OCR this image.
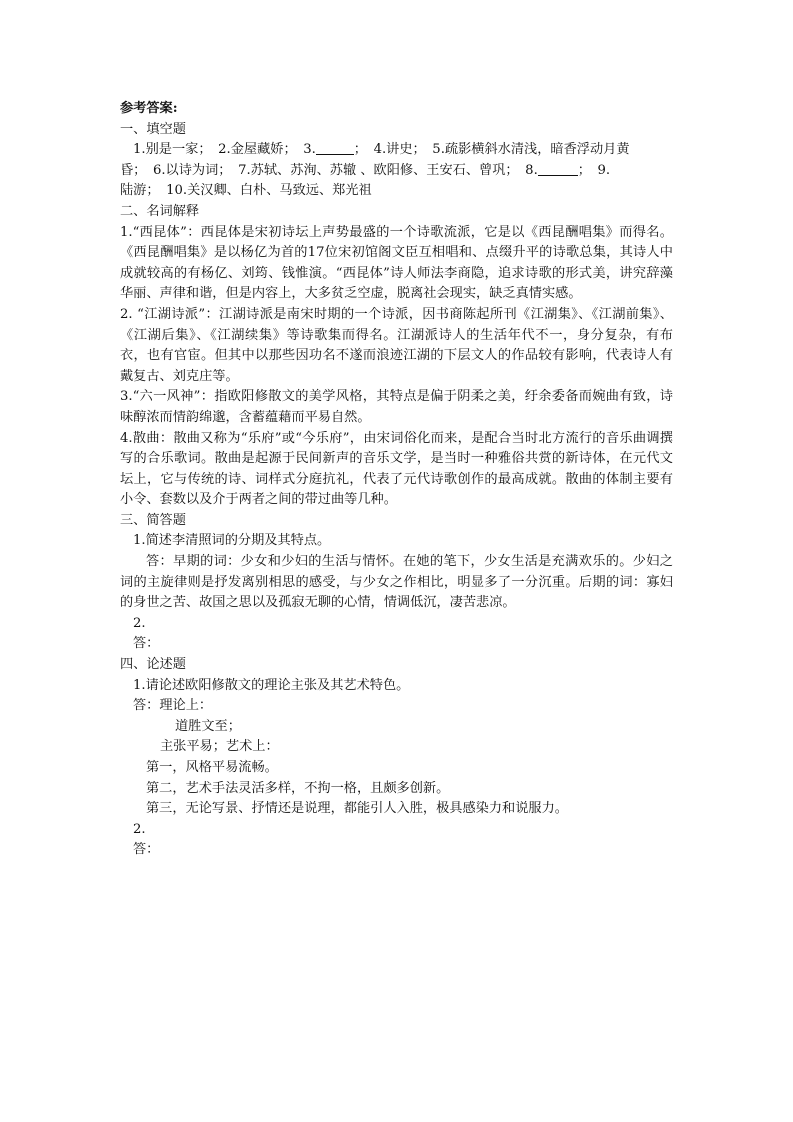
参考答案:
一、填空题
1.别是一家；　2.金屋藏娇；　3.	；　4.讲史；　5.疏影横斜水清浅，暗香浮动月黄
昏；　6.以诗为词；　7.苏轼、苏洵、苏辙 、欧阳修、王安石、曾巩；　8.	；　9.
陆游；　10.关汉卿、白朴、马致远、郑光祖
二、名词解释
1.“西昆体”：西昆体是宋初诗坛上声势最盛的一个诗歌流派，它是以《西昆酬唱集》而得名。《西昆酬唱集》是以杨亿为首的17位宋初馆阁文臣互相唱和、点缀升平的诗歌总集，其诗人中成就较高的有杨亿、刘筠、钱惟演。“西昆体”诗人师法李商隐，追求诗歌的形式美，讲究辞藻华丽、声律和谐，但是内容上，大多贫乏空虚，脱离社会现实，缺乏真情实感。
2. “江湖诗派”：江湖诗派是南宋时期的一个诗派，因书商陈起所刊《江湖集》、《江湖前集》、《江湖后集》、《江湖续集》等诗歌集而得名。江湖派诗人的生活年代不一，身分复杂，有布衣，也有官宦。但其中以那些因功名不遂而浪迹江湖的下层文人的作品较有影响，代表诗人有戴复古、刘克庄等。
3.“六一风神”：指欧阳修散文的美学风格，其特点是偏于阴柔之美，纡余委备而婉曲有致，诗味醇浓而情韵绵邈，含蓄蕴藉而平易自然。
4.散曲：散曲又称为“乐府”或“今乐府”，由宋词俗化而来，是配合当时北方流行的音乐曲调撰写的合乐歌词。散曲是起源于民间新声的音乐文学，是当时一种雅俗共赏的新诗体，在元代文坛上，它与传统的诗、词样式分庭抗礼，代表了元代诗歌创作的最高成就。散曲的体制主要有小令、套数以及介于两者之间的带过曲等几种。
三、简答题
1.简述李清照词的分期及其特点。
答：早期的词：少女和少妇的生活与情怀。在她的笔下，少女生活是充满欢乐的。少妇之词的主旋律则是抒发离别相思的感受，与少女之作相比，明显多了一分沉重。后期的词：寡妇的身世之苦、故国之思以及孤寂无聊的心情，情调低沉，凄苦悲凉。
2.
答：
四、论述题
1.请论述欧阳修散文的理论主张及其艺术特色。
答：理论上：
道胜文至；
主张平易；艺术上：
第一，风格平易流畅。
第二，艺术手法灵活多样，不拘一格，且颇多创新。
第三，无论写景、抒情还是说理，都能引人入胜，极具感染力和说服力。
2.
答：
